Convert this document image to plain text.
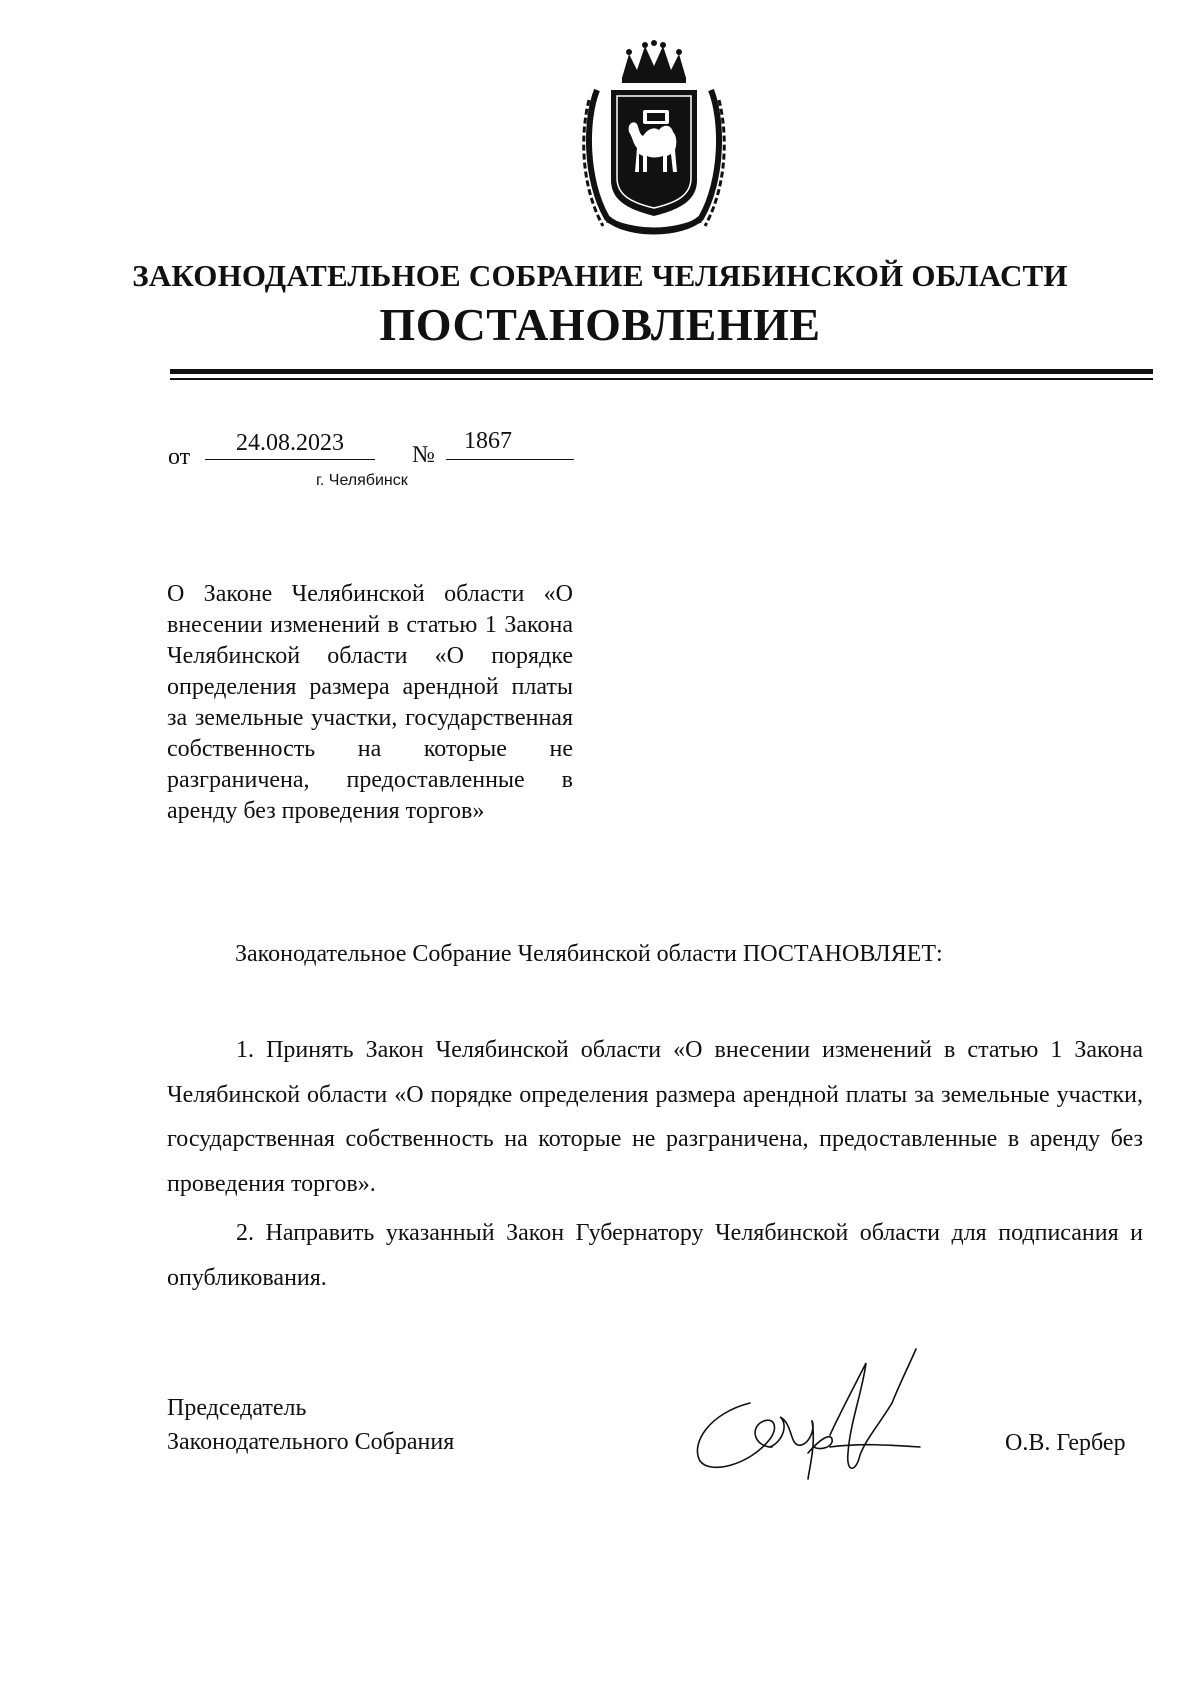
ЗАКОНОДАТЕЛЬНОЕ СОБРАНИЕ ЧЕЛЯБИНСКОЙ ОБЛАСТИ
ПОСТАНОВЛЕНИЕ
от
24.08.2023	№
1867
г. Челябинск

О Законе Челябинской области «О внесении изменений в статью 1 Закона Челябинской области «О порядке определения размера арендной платы за земельные участки, государственная собственность на которые не разграничена, предоставленные в аренду без проведения торгов»

Законодательное Собрание Челябинской области ПОСТАНОВЛЯЕТ:

1. Принять Закон Челябинской области «О внесении изменений в статью 1 Закона Челябинской области «О порядке определения размера арендной платы за земельные участки, государственная собственность на которые не разграничена, предоставленные в аренду без проведения торгов».

2. Направить указанный Закон Губернатору Челябинской области для подписания и опубликования.

Председатель
Законодательного Собрания	О.В. Гербер
